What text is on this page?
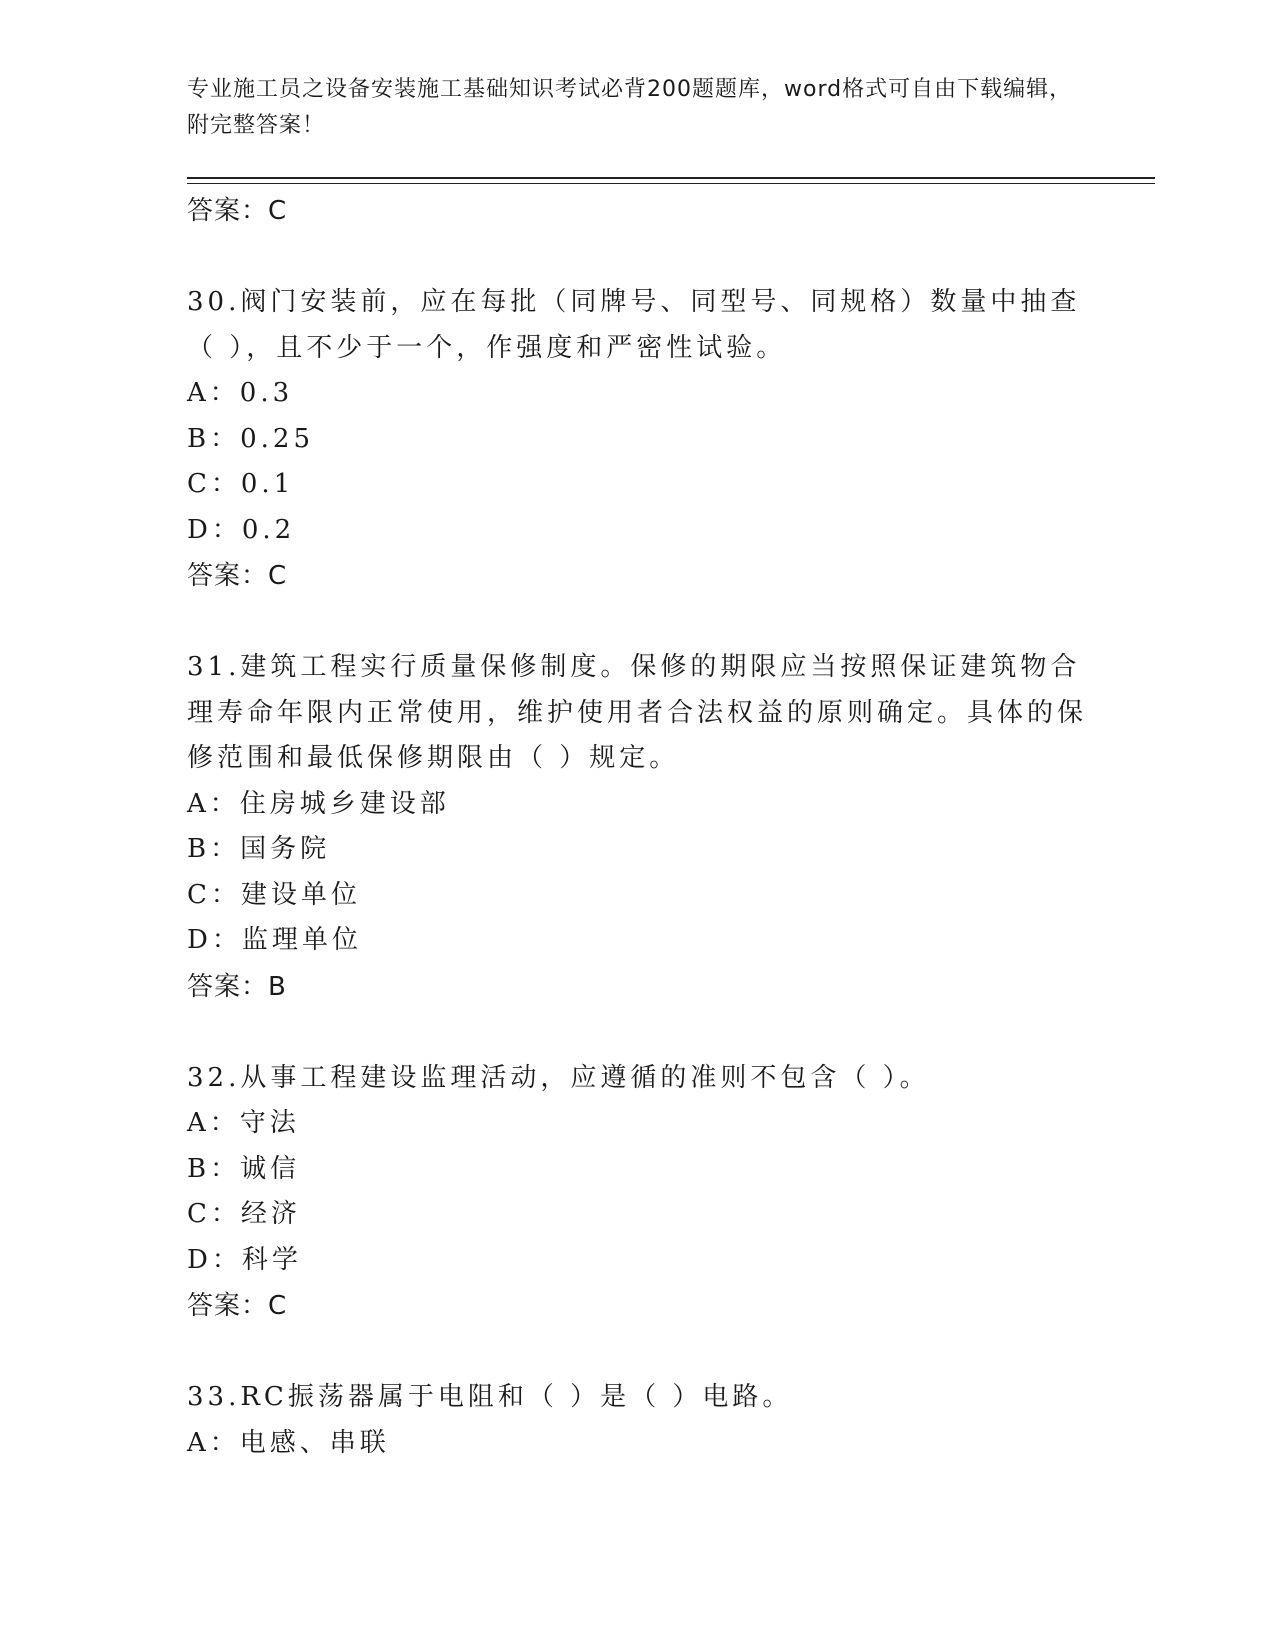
专业施工员之设备安装施工基础知识考试必背200题题库，word格式可自由下载编辑，附完整答案！
答案：C
30.阀门安装前，应在每批（同牌号、同型号、同规格）数量中抽查（ ），且不少于一个，作强度和严密性试验。
A：0.3
B：0.25
C：0.1
D：0.2
答案：C
31.建筑工程实行质量保修制度。保修的期限应当按照保证建筑物合理寿命年限内正常使用，维护使用者合法权益的原则确定。具体的保修范围和最低保修期限由（ ）规定。
A：住房城乡建设部
B：国务院
C：建设单位
D：监理单位
答案：B
32.从事工程建设监理活动，应遵循的准则不包含（ ）。
A：守法
B：诚信
C：经济
D：科学
答案：C
33.RC振荡器属于电阻和（ ）是（ ）电路。
A：电感、串联
